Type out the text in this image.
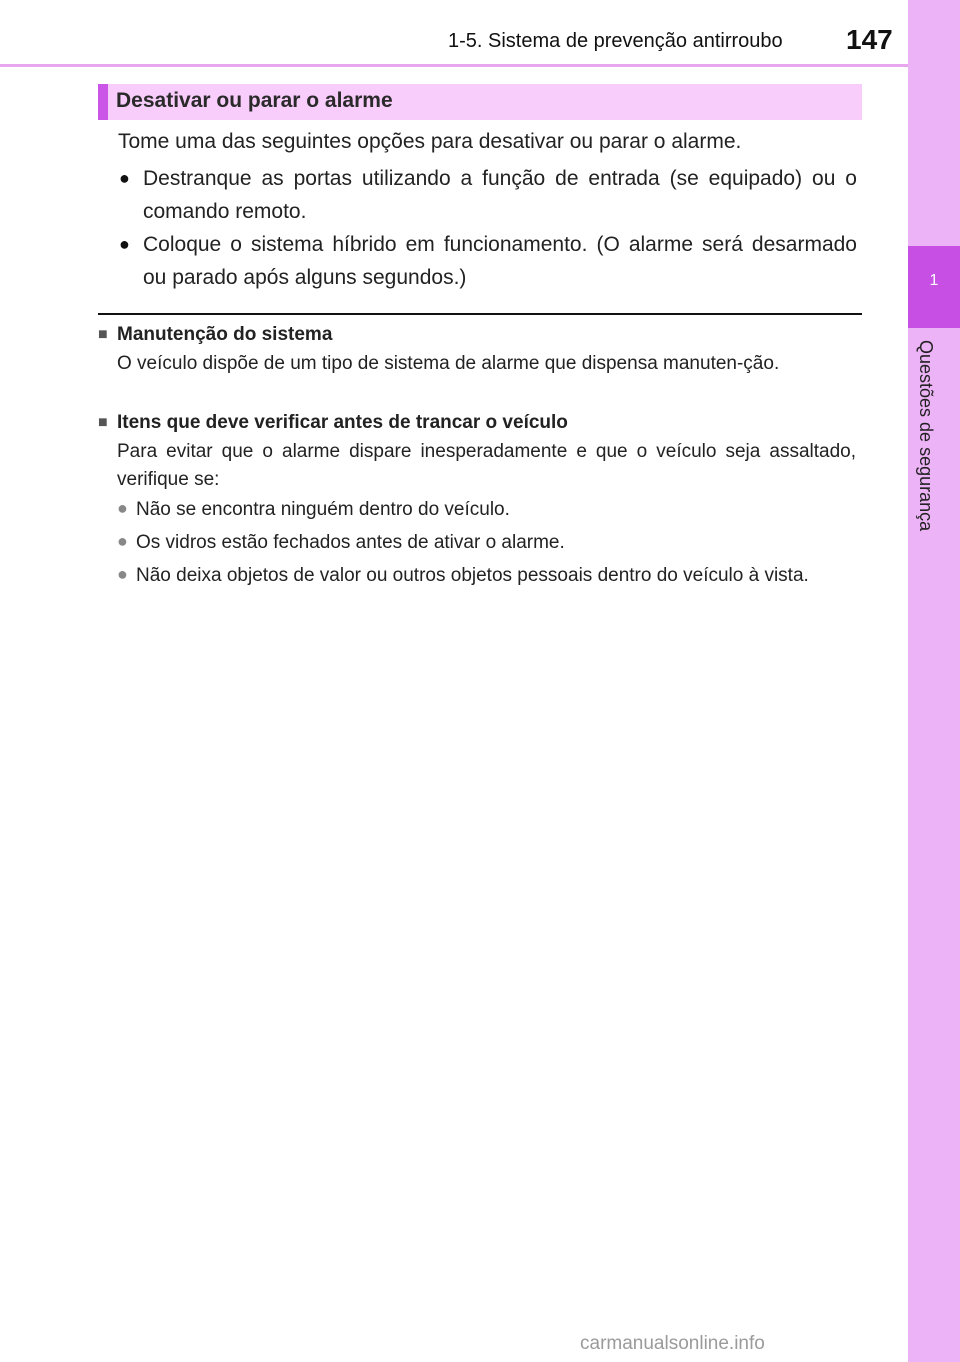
1
Questões de segurança
1-5. Sistema de prevenção antirroubo 147
Desativar ou parar o alarme
Tome uma das seguintes opções para desativar ou parar o alarme.
● Destranque as portas utilizando a função de entrada (se equipado) ou o comando remoto.
● Coloque o sistema híbrido em funcionamento. (O alarme será desarmado ou parado após alguns segundos.)
■ Manutenção do sistema
O veículo dispõe de um tipo de sistema de alarme que dispensa manuten-ção.
■ Itens que deve verificar antes de trancar o veículo
Para evitar que o alarme dispare inesperadamente e que o veículo seja assaltado, verifique se:
● Não se encontra ninguém dentro do veículo.
● Os vidros estão fechados antes de ativar o alarme.
● Não deixa objetos de valor ou outros objetos pessoais dentro do veículo à vista.
carmanualsonline.info
